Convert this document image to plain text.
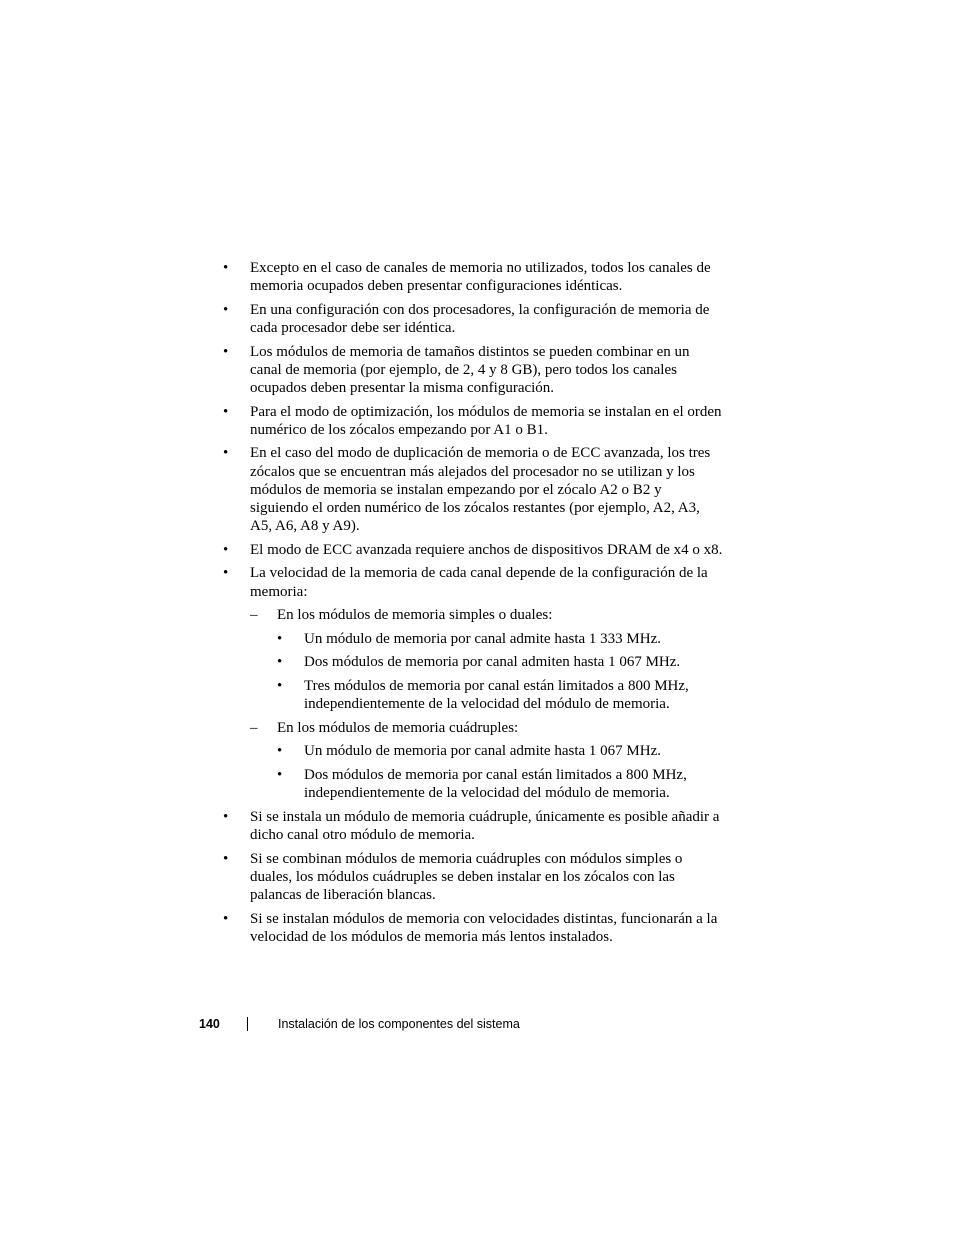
•	Excepto en el caso de canales de memoria no utilizados, todos los canales de memoria ocupados deben presentar configuraciones idénticas.
•	En una configuración con dos procesadores, la configuración de memoria de cada procesador debe ser idéntica.
•	Los módulos de memoria de tamaños distintos se pueden combinar en un canal de memoria (por ejemplo, de 2, 4 y 8 GB), pero todos los canales ocupados deben presentar la misma configuración.
•	Para el modo de optimización, los módulos de memoria se instalan en el orden numérico de los zócalos empezando por A1 o B1.
•	En el caso del modo de duplicación de memoria o de ECC avanzada, los tres zócalos que se encuentran más alejados del procesador no se utilizan y los módulos de memoria se instalan empezando por el zócalo A2 o B2 y siguiendo el orden numérico de los zócalos restantes (por ejemplo, A2, A3, A5, A6, A8 y A9).
•	El modo de ECC avanzada requiere anchos de dispositivos DRAM de x4 o x8.
•	La velocidad de la memoria de cada canal depende de la configuración de la memoria:
– En los módulos de memoria simples o duales:
• Un módulo de memoria por canal admite hasta 1 333 MHz.
• Dos módulos de memoria por canal admiten hasta 1 067 MHz.
• Tres módulos de memoria por canal están limitados a 800 MHz, independientemente de la velocidad del módulo de memoria.
– En los módulos de memoria cuádruples:
• Un módulo de memoria por canal admite hasta 1 067 MHz.
• Dos módulos de memoria por canal están limitados a 800 MHz, independientemente de la velocidad del módulo de memoria.
•	Si se instala un módulo de memoria cuádruple, únicamente es posible añadir a dicho canal otro módulo de memoria.
•	Si se combinan módulos de memoria cuádruples con módulos simples o duales, los módulos cuádruples se deben instalar en los zócalos con las palancas de liberación blancas.
•	Si se instalan módulos de memoria con velocidades distintas, funcionarán a la velocidad de los módulos de memoria más lentos instalados.
140	Instalación de los componentes del sistema
